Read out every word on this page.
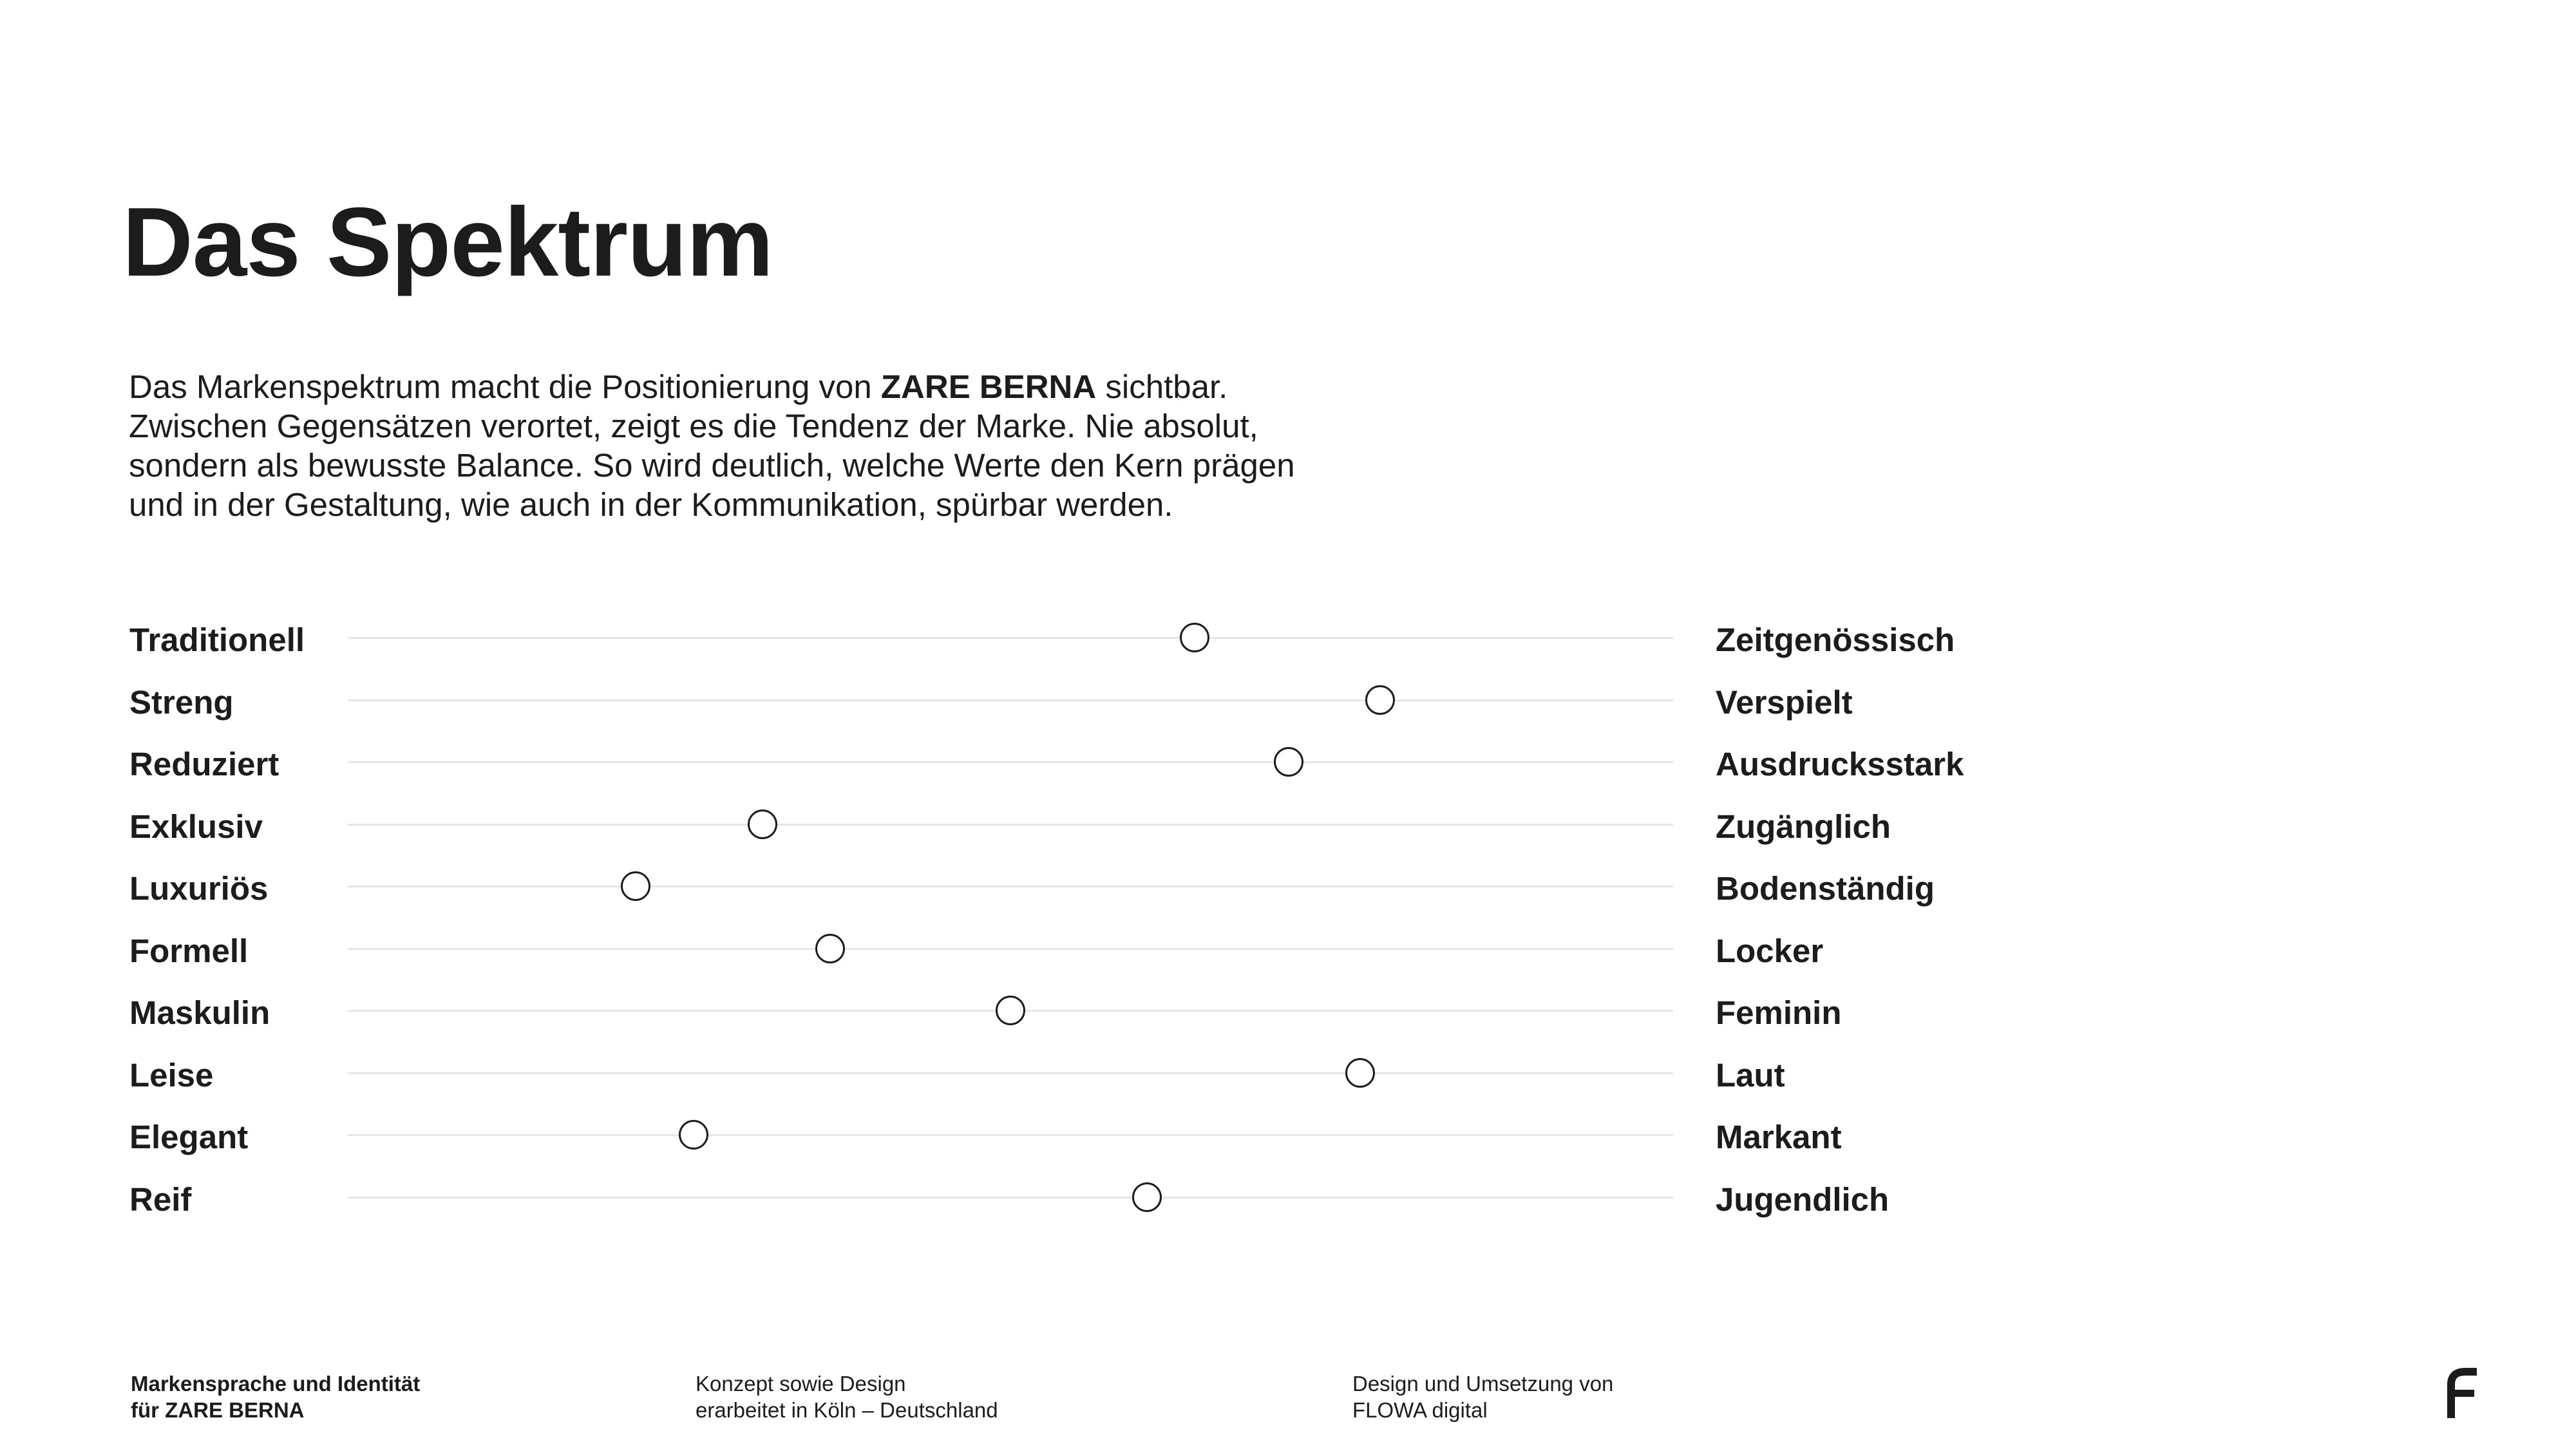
Das Spektrum

Das Markenspektrum macht die Positionierung von ZARE BERNA sichtbar.

Zwischen Gegensätzen verortet, zeigt es die Tendenz der Marke. Nie absolut,

sondern als bewusste Balance. So wird deutlich, welche Werte den Kern prägen

und in der Gestaltung, wie auch in der Kommunikation, spürbar werden.

Traditionell	Zeitgenössisch
Streng	Verspielt
Reduziert	Ausdrucksstark
Exklusiv	Zugänglich
Luxuriös	Bodenständig
Formell	Locker
Maskulin	Feminin
Leise	Laut
Elegant	Markant
Reif	Jugendlich
Markensprache und Identität
für ZARE BERNA
Konzept sowie Design
erarbeitet in Köln – Deutschland
Design und Umsetzung von
FLOWA digital
